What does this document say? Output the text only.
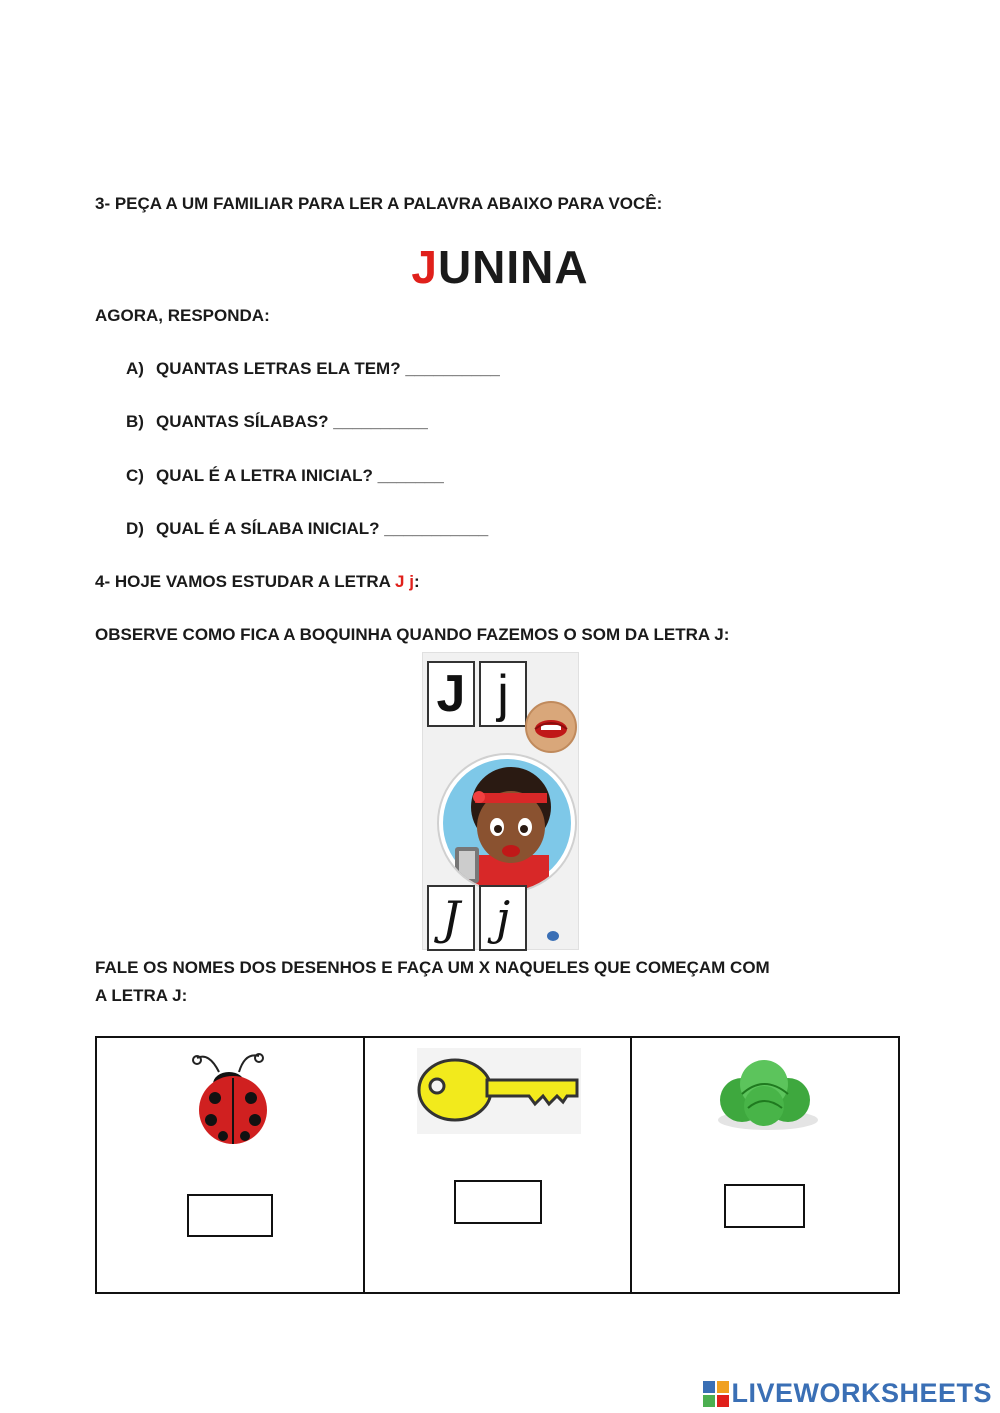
3- PEÇA A UM FAMILIAR PARA LER A PALAVRA ABAIXO PARA VOCÊ:
JUNINA
AGORA, RESPONDA:
A) QUANTAS LETRAS ELA TEM? __________
B) QUANTAS SÍLABAS? __________
C) QUAL É A LETRA INICIAL? _______
D) QUAL É A SÍLABA INICIAL? ___________
4- HOJE VAMOS ESTUDAR A LETRA J j:
OBSERVE COMO FICA A BOQUINHA QUANDO FAZEMOS O SOM DA LETRA J:
J j
J j
FALE OS NOMES DOS DESENHOS E FAÇA UM X NAQUELES QUE COMEÇAM COM
A LETRA J:
LIVEWORKSHEETS
